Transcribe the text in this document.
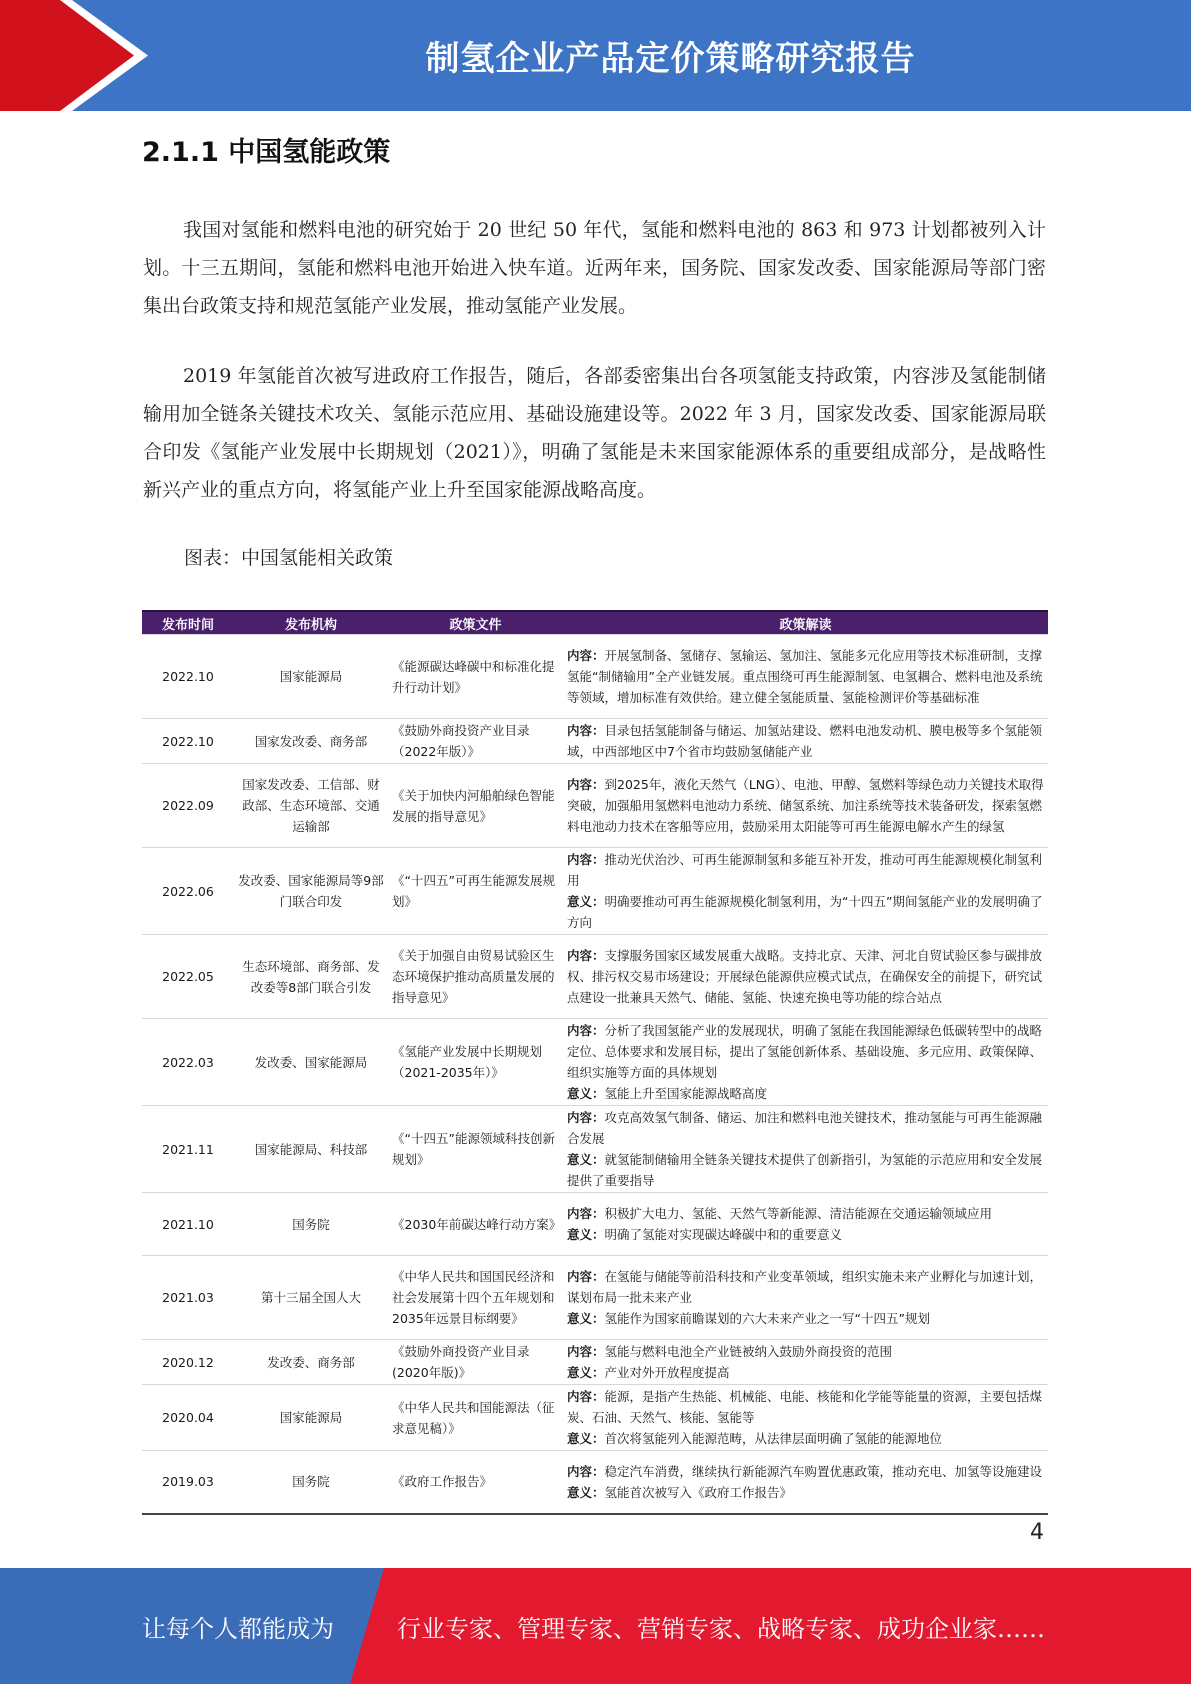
制氢企业产品定价策略研究报告
2.1.1 中国氢能政策
我国对氢能和燃料电池的研究始于 20 世纪 50 年代，氢能和燃料电池的 863 和 973 计划都被列入计划。十三五期间，氢能和燃料电池开始进入快车道。近两年来，国务院、国家发改委、国家能源局等部门密集出台政策支持和规范氢能产业发展，推动氢能产业发展。
2019 年氢能首次被写进政府工作报告，随后，各部委密集出台各项氢能支持政策，内容涉及氢能制储输用加全链条关键技术攻关、氢能示范应用、基础设施建设等。2022 年 3 月，国家发改委、国家能源局联合印发《氢能产业发展中长期规划（2021）》，明确了氢能是未来国家能源体系的重要组成部分，是战略性新兴产业的重点方向，将氢能产业上升至国家能源战略高度。
图表：中国氢能相关政策
发布时间	发布机构	政策文件	政策解读
2022.10	国家能源局	《能源碳达峰碳中和标准化提升行动计划》	内容：开展氢制备、氢储存、氢输运、氢加注、氢能多元化应用等技术标准研制，支撑氢能“制储输用”全产业链发展。重点围绕可再生能源制氢、电氢耦合、燃料电池及系统等领域，增加标准有效供给。建立健全氢能质量、氢能检测评价等基础标准

2022.10	国家发改委、商务部	《鼓励外商投资产业目录（2022年版）》	内容：目录包括氢能制备与储运、加氢站建设、燃料电池发动机、膜电极等多个氢能领域，中西部地区中7个省市均鼓励氢储能产业

2022.09	国家发改委、工信部、财政部、生态环境部、交通运输部	《关于加快内河船舶绿色智能发展的指导意见》	内容：到2025年，液化天然气（LNG）、电池、甲醇、氢燃料等绿色动力关键技术取得突破，加强船用氢燃料电池动力系统、储氢系统、加注系统等技术装备研发，探索氢燃料电池动力技术在客船等应用，鼓励采用太阳能等可再生能源电解水产生的绿氢

2022.06	发改委、国家能源局等9部门联合印发	《“十四五”可再生能源发展规划》	内容：推动光伏治沙、可再生能源制氢和多能互补开发，推动可再生能源规模化制氢利用
意义：明确要推动可再生能源规模化制氢利用，为“十四五”期间氢能产业的发展明确了方向

2022.05	生态环境部、商务部、发改委等8部门联合引发	《关于加强自由贸易试验区生态环境保护推动高质量发展的指导意见》	内容：支撑服务国家区域发展重大战略。支持北京、天津、河北自贸试验区参与碳排放权、排污权交易市场建设；开展绿色能源供应模式试点，在确保安全的前提下，研究试点建设一批兼具天然气、储能、氢能、快速充换电等功能的综合站点

2022.03	发改委、国家能源局	《氢能产业发展中长期规划 （2021-2035年）》	内容：分析了我国氢能产业的发展现状，明确了氢能在我国能源绿色低碳转型中的战略定位、总体要求和发展目标，提出了氢能创新体系、基础设施、多元应用、政策保障、组织实施等方面的具体规划
意义：氢能上升至国家能源战略高度

2021.11	国家能源局、科技部	《“十四五”能源领域科技创新规划》	内容：攻克高效氢气制备、储运、加注和燃料电池关键技术，推动氢能与可再生能源融合发展
意义：就氢能制储输用全链条关键技术提供了创新指引，为氢能的示范应用和安全发展提供了重要指导

2021.10	国务院	《2030年前碳达峰行动方案》	内容：积极扩大电力、氢能、天然气等新能源、清洁能源在交通运输领域应用
意义：明确了氢能对实现碳达峰碳中和的重要意义

2021.03	第十三届全国人大	《中华人民共和国国民经济和社会发展第十四个五年规划和2035年远景目标纲要》	内容：在氢能与储能等前沿科技和产业变革领域，组织实施未来产业孵化与加速计划，谋划布局一批未来产业
意义：氢能作为国家前瞻谋划的六大未来产业之一写“十四五”规划

2020.12	发改委、商务部	《鼓励外商投资产业目录(2020年版)》	内容：氢能与燃料电池全产业链被纳入鼓励外商投资的范围
意义：产业对外开放程度提高

2020.04	国家能源局	《中华人民共和国能源法（征求意见稿）》	内容：能源，是指产生热能、机械能、电能、核能和化学能等能量的资源，主要包括煤炭、石油、天然气、核能、氢能等
意义：首次将氢能列入能源范畴，从法律层面明确了氢能的能源地位

2019.03	国务院	《政府工作报告》	内容：稳定汽车消费，继续执行新能源汽车购置优惠政策，推动充电、加氢等设施建设
意义：氢能首次被写入《政府工作报告》
4
让每个人都能成为	行业专家、管理专家、营销专家、战略专家、成功企业家……
